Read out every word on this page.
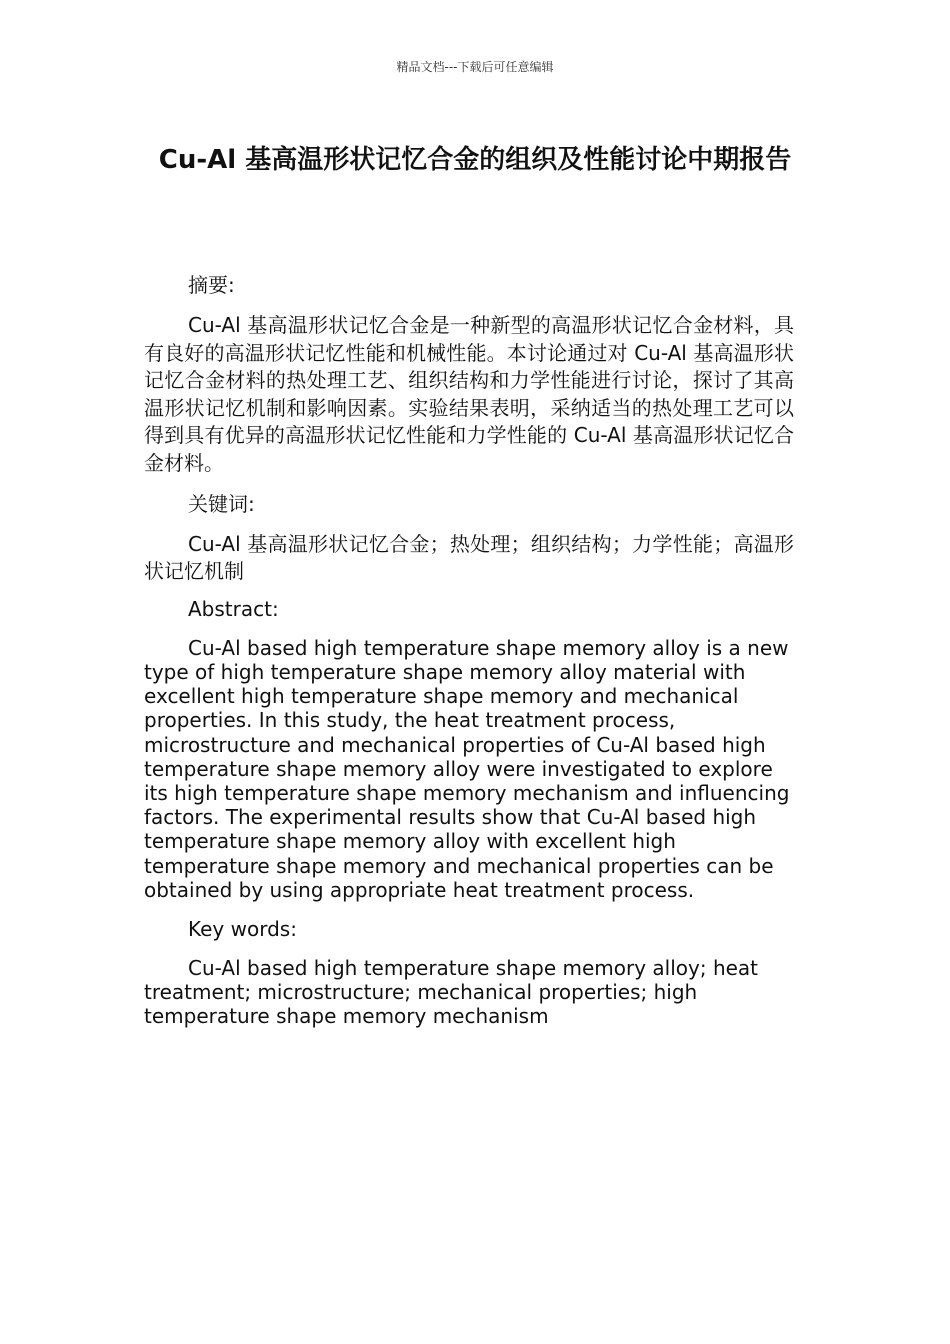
精品文档---下载后可任意编辑
Cu-Al 基高温形状记忆合金的组织及性能讨论中期报告

摘要:

Cu-Al 基高温形状记忆合金是一种新型的高温形状记忆合金材料，具有良好的高温形状记忆性能和机械性能。本讨论通过对 Cu-Al 基高温形状记忆合金材料的热处理工艺、组织结构和力学性能进行讨论，探讨了其高温形状记忆机制和影响因素。实验结果表明，采纳适当的热处理工艺可以得到具有优异的高温形状记忆性能和力学性能的 Cu-Al 基高温形状记忆合金材料。

关键词:

Cu-Al 基高温形状记忆合金；热处理；组织结构；力学性能；高温形状记忆机制

Abstract:

Cu-Al based high temperature shape memory alloy is a new type of high temperature shape memory alloy material with excellent high temperature shape memory and mechanical properties. In this study, the heat treatment process, microstructure and mechanical properties of Cu-Al based high temperature shape memory alloy were investigated to explore its high temperature shape memory mechanism and influencing factors. The experimental results show that Cu-Al based high temperature shape memory alloy with excellent high temperature shape memory and mechanical properties can be obtained by using appropriate heat treatment process.

Key words:

Cu-Al based high temperature shape memory alloy; heat treatment; microstructure; mechanical properties; high temperature shape memory mechanism
